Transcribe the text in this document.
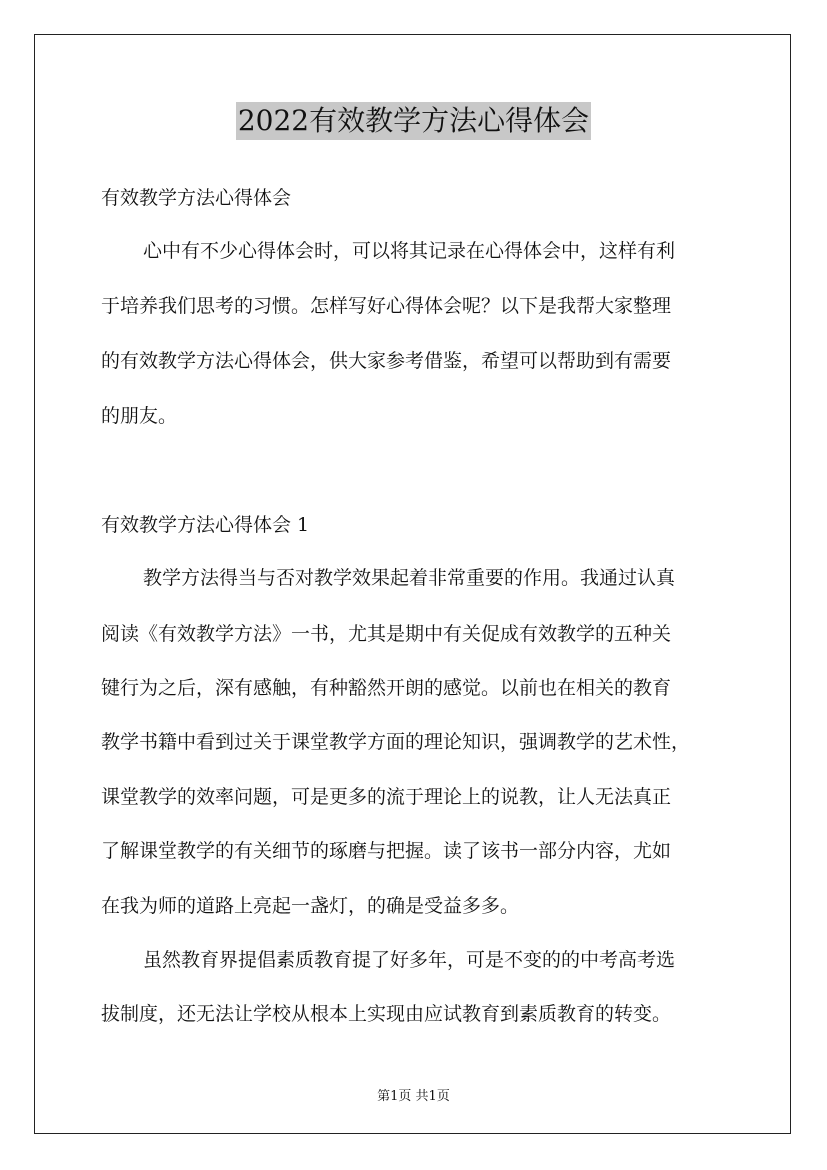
2022有效教学方法心得体会
有效教学方法心得体会
心中有不少心得体会时，可以将其记录在心得体会中，这样有利
于培养我们思考的习惯。怎样写好心得体会呢？以下是我帮大家整理
的有效教学方法心得体会，供大家参考借鉴，希望可以帮助到有需要
的朋友。
有效教学方法心得体会 1
教学方法得当与否对教学效果起着非常重要的作用。我通过认真
阅读《有效教学方法》一书，尤其是期中有关促成有效教学的五种关
键行为之后，深有感触，有种豁然开朗的感觉。以前也在相关的教育
教学书籍中看到过关于课堂教学方面的理论知识，强调教学的艺术性，
课堂教学的效率问题，可是更多的流于理论上的说教，让人无法真正
了解课堂教学的有关细节的琢磨与把握。读了该书一部分内容，尤如
在我为师的道路上亮起一盏灯，的确是受益多多。
虽然教育界提倡素质教育提了好多年，可是不变的的中考高考选
拔制度，还无法让学校从根本上实现由应试教育到素质教育的转变。
第1页 共1页
